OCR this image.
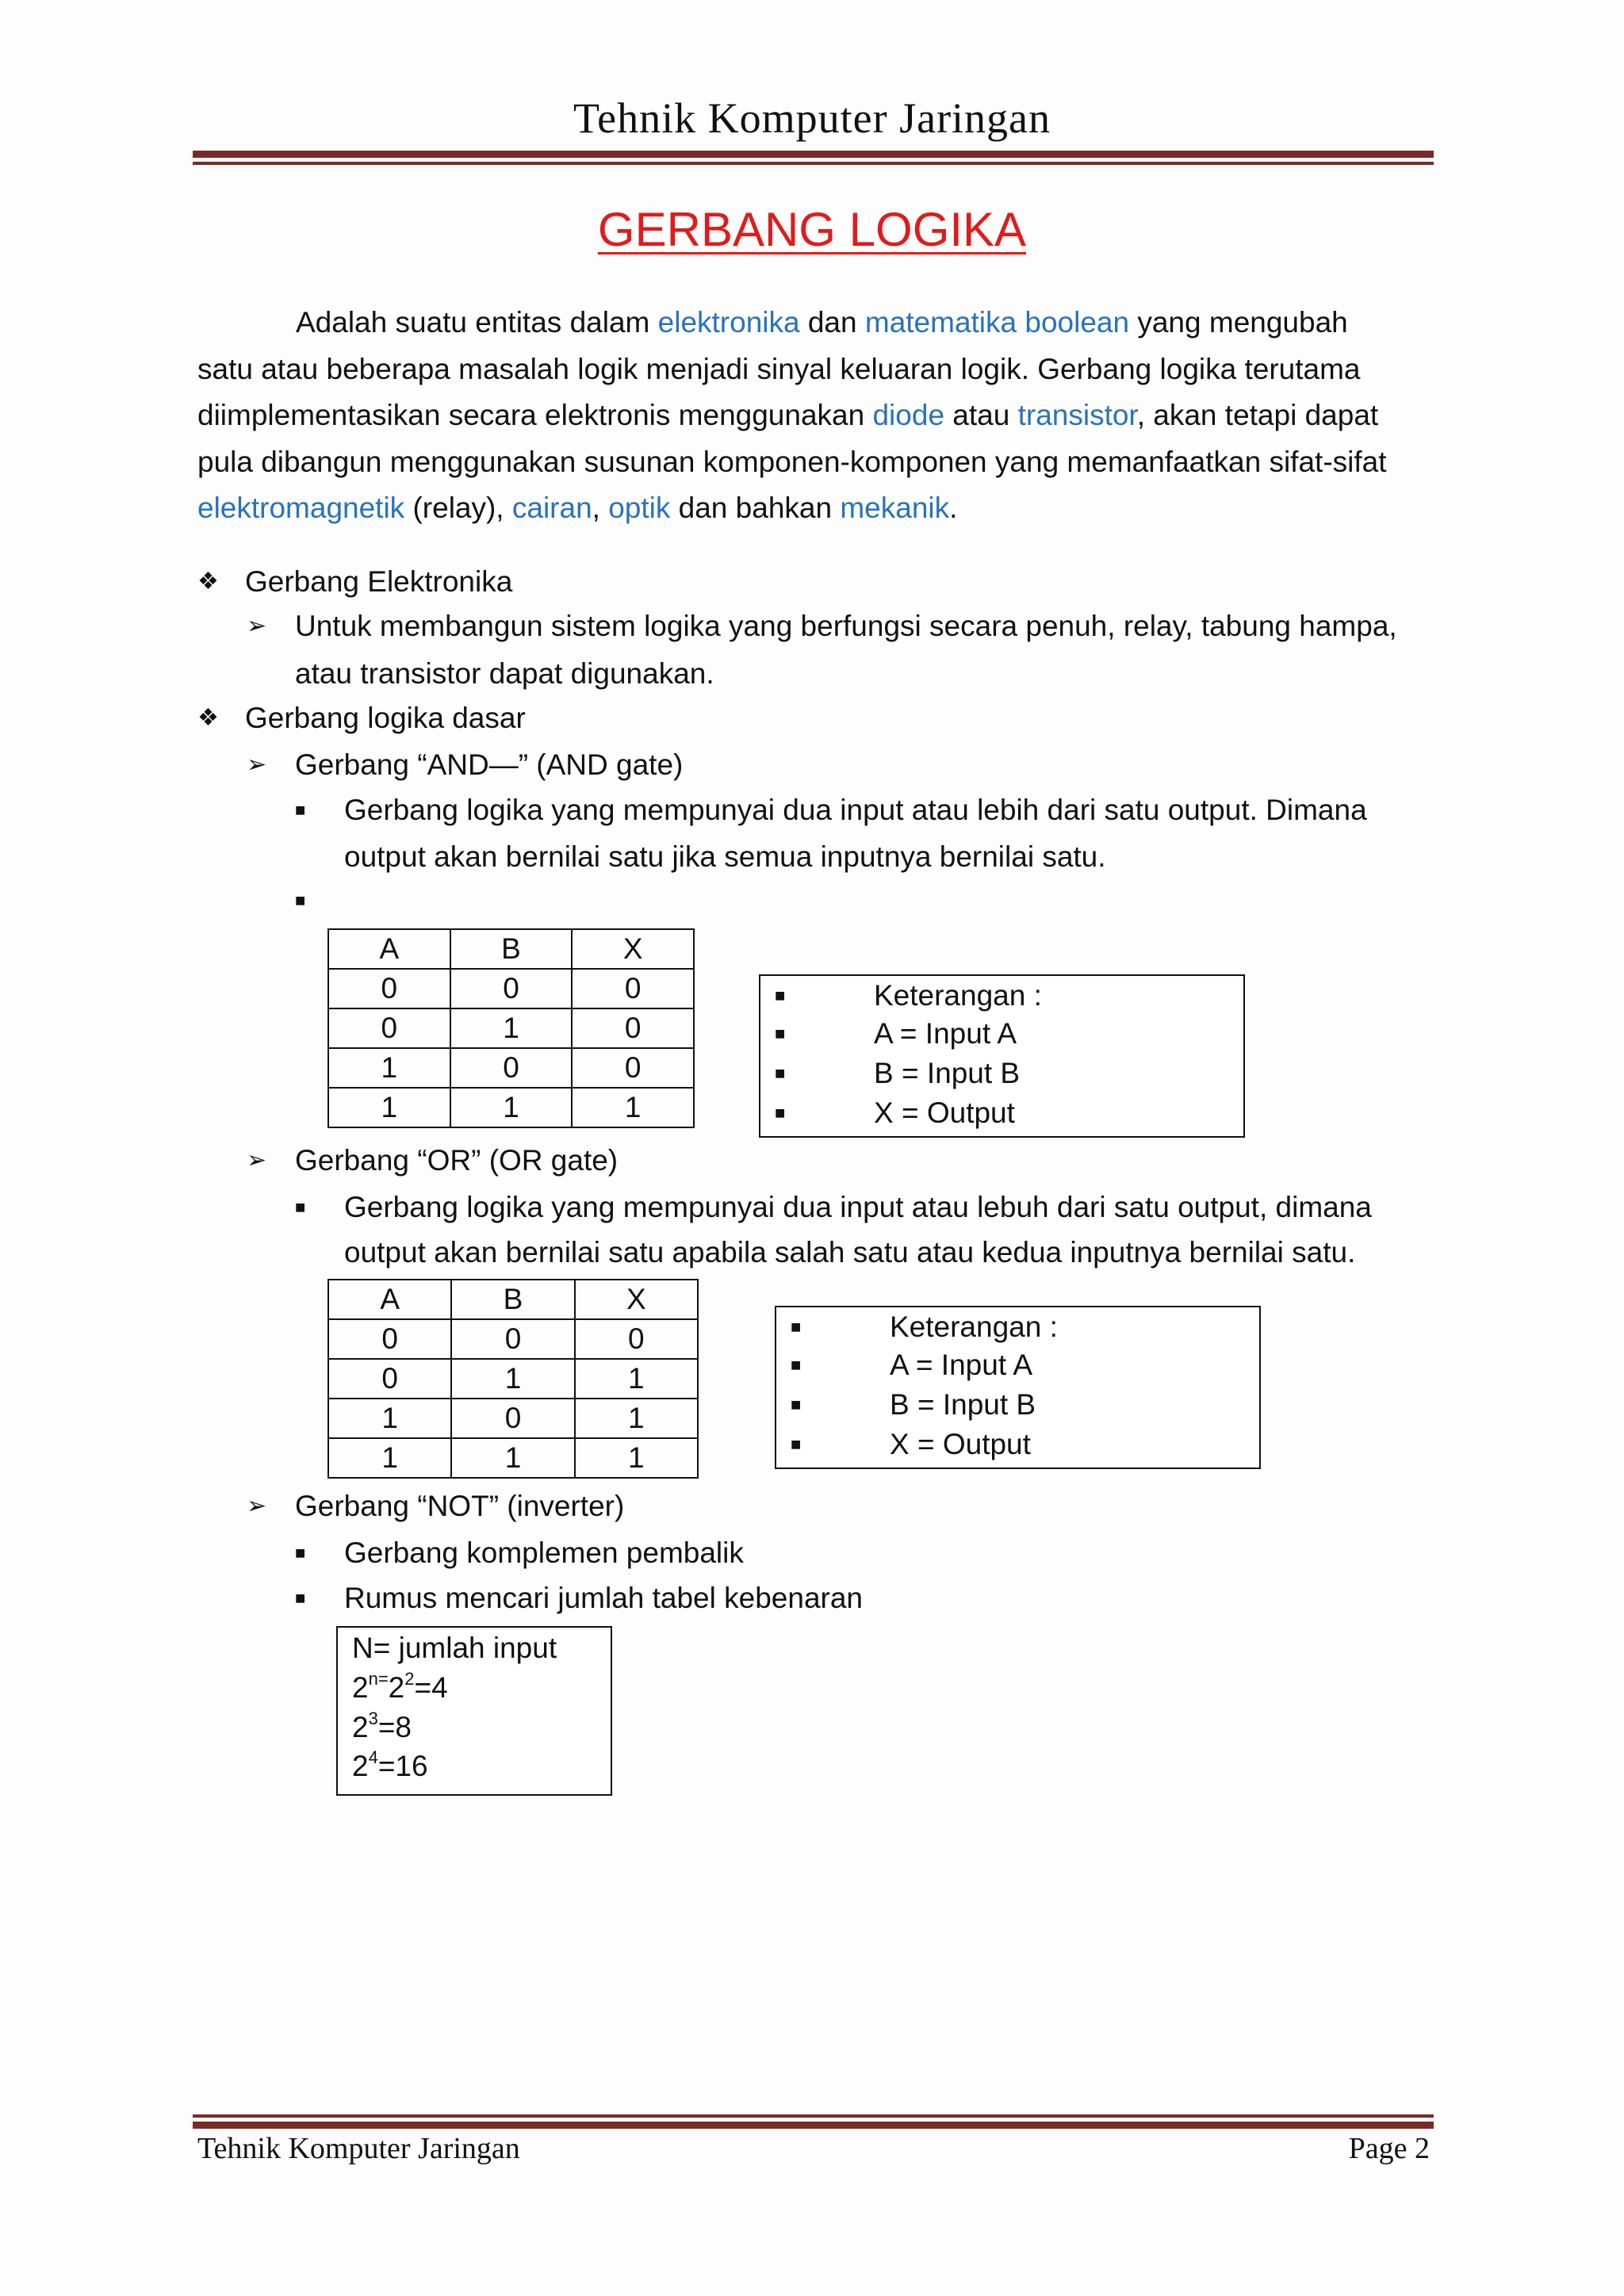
Tehnik Komputer Jaringan
GERBANG LOGIKA
Adalah suatu entitas dalam elektronika dan matematika boolean yang mengubah
satu atau beberapa masalah logik menjadi sinyal keluaran logik. Gerbang logika terutama
diimplementasikan secara elektronis menggunakan diode atau transistor, akan tetapi dapat
pula dibangun menggunakan susunan komponen-komponen yang memanfaatkan sifat-sifat
elektromagnetik (relay), cairan, optik dan bahkan mekanik.
❖ Gerbang Elektronika
➢ Untuk membangun sistem logika yang berfungsi secara penuh, relay, tabung hampa,
atau transistor dapat digunakan.
❖ Gerbang logika dasar
➢ Gerbang “AND—” (AND gate)
■ Gerbang logika yang mempunyai dua input atau lebih dari satu output. Dimana
output akan bernilai satu jika semua inputnya bernilai satu.
■
A	B	X
0	0	0
0	1	0
1	0	0
1	1	1
■	Keterangan :
■	A = Input A
■	B = Input B
■	X = Output
➢ Gerbang “OR” (OR gate)
■ Gerbang logika yang mempunyai dua input atau lebuh dari satu output, dimana
output akan bernilai satu apabila salah satu atau kedua inputnya bernilai satu.
A	B	X
0	0	0
0	1	1
1	0	1
1	1	1
■	Keterangan :
■	A = Input A
■	B = Input B
■	X = Output
➢ Gerbang “NOT” (inverter)
■ Gerbang komplemen pembalik
■ Rumus mencari jumlah tabel kebenaran
N= jumlah input
$2^{n=}2^2=4$
$2^3=8$
$2^4=16$
Tehnik Komputer Jaringan	Page 2
